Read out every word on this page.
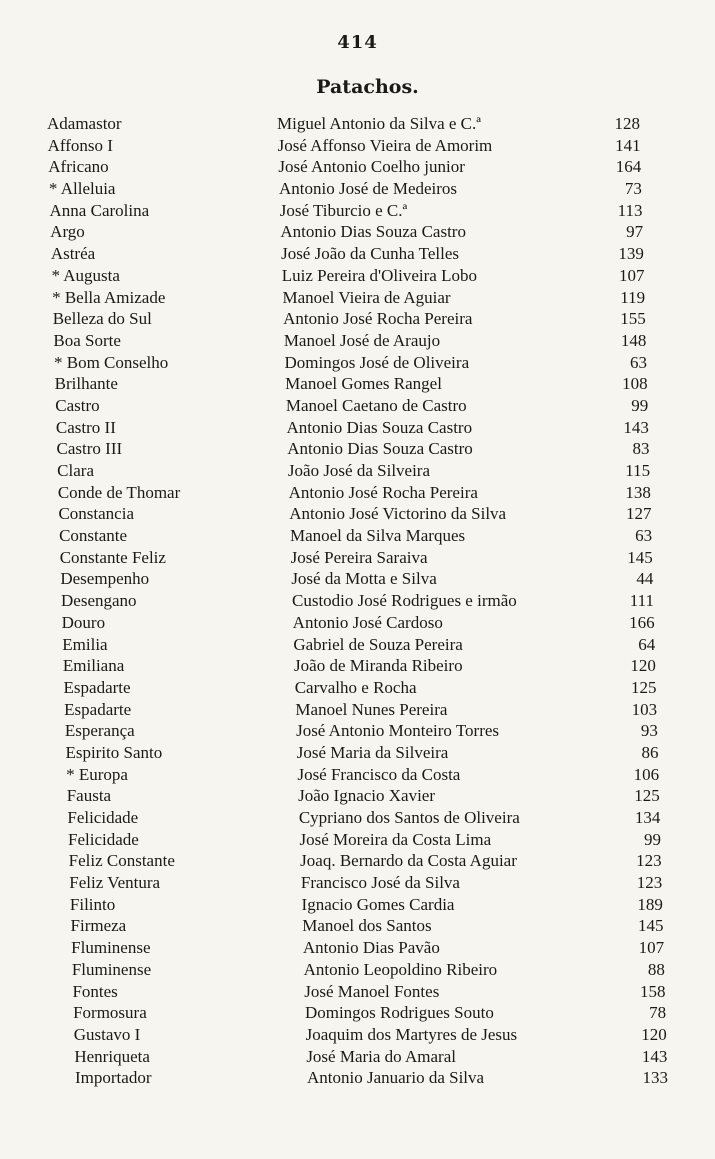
414
Patachos.
Adamastor	Miguel Antonio da Silva e C.ª	128
Affonso I	José Affonso Vieira de Amorim	141
Africano	José Antonio Coelho junior	164
* Alleluia	Antonio José de Medeiros	73
Anna Carolina	José Tiburcio e C.ª	113
Argo	Antonio Dias Souza Castro	97
Astréa	José João da Cunha Telles	139
* Augusta	Luiz Pereira d'Oliveira Lobo	107
* Bella Amizade	Manoel Vieira de Aguiar	119
Belleza do Sul	Antonio José Rocha Pereira	155
Boa Sorte	Manoel José de Araujo	148
* Bom Conselho	Domingos José de Oliveira	63
Brilhante	Manoel Gomes Rangel	108
Castro	Manoel Caetano de Castro	99
Castro II	Antonio Dias Souza Castro	143
Castro III	Antonio Dias Souza Castro	83
Clara	João José da Silveira	115
Conde de Thomar	Antonio José Rocha Pereira	138
Constancia	Antonio José Victorino da Silva	127
Constante	Manoel da Silva Marques	63
Constante Feliz	José Pereira Saraiva	145
Desempenho	José da Motta e Silva	44
Desengano	Custodio José Rodrigues e irmão	111
Douro	Antonio José Cardoso	166
Emilia	Gabriel de Souza Pereira	64
Emiliana	João de Miranda Ribeiro	120
Espadarte	Carvalho e Rocha	125
Espadarte	Manoel Nunes Pereira	103
Esperança	José Antonio Monteiro Torres	93
Espirito Santo	José Maria da Silveira	86
* Europa	José Francisco da Costa	106
Fausta	João Ignacio Xavier	125
Felicidade	Cypriano dos Santos de Oliveira	134
Felicidade	José Moreira da Costa Lima	99
Feliz Constante	Joaq. Bernardo da Costa Aguiar	123
Feliz Ventura	Francisco José da Silva	123
Filinto	Ignacio Gomes Cardia	189
Firmeza	Manoel dos Santos	145
Fluminense	Antonio Dias Pavão	107
Fluminense	Antonio Leopoldino Ribeiro	88
Fontes	José Manoel Fontes	158
Formosura	Domingos Rodrigues Souto	78
Gustavo I	Joaquim dos Martyres de Jesus	120
Henriqueta	José Maria do Amaral	143
Importador	Antonio Januario da Silva	133
